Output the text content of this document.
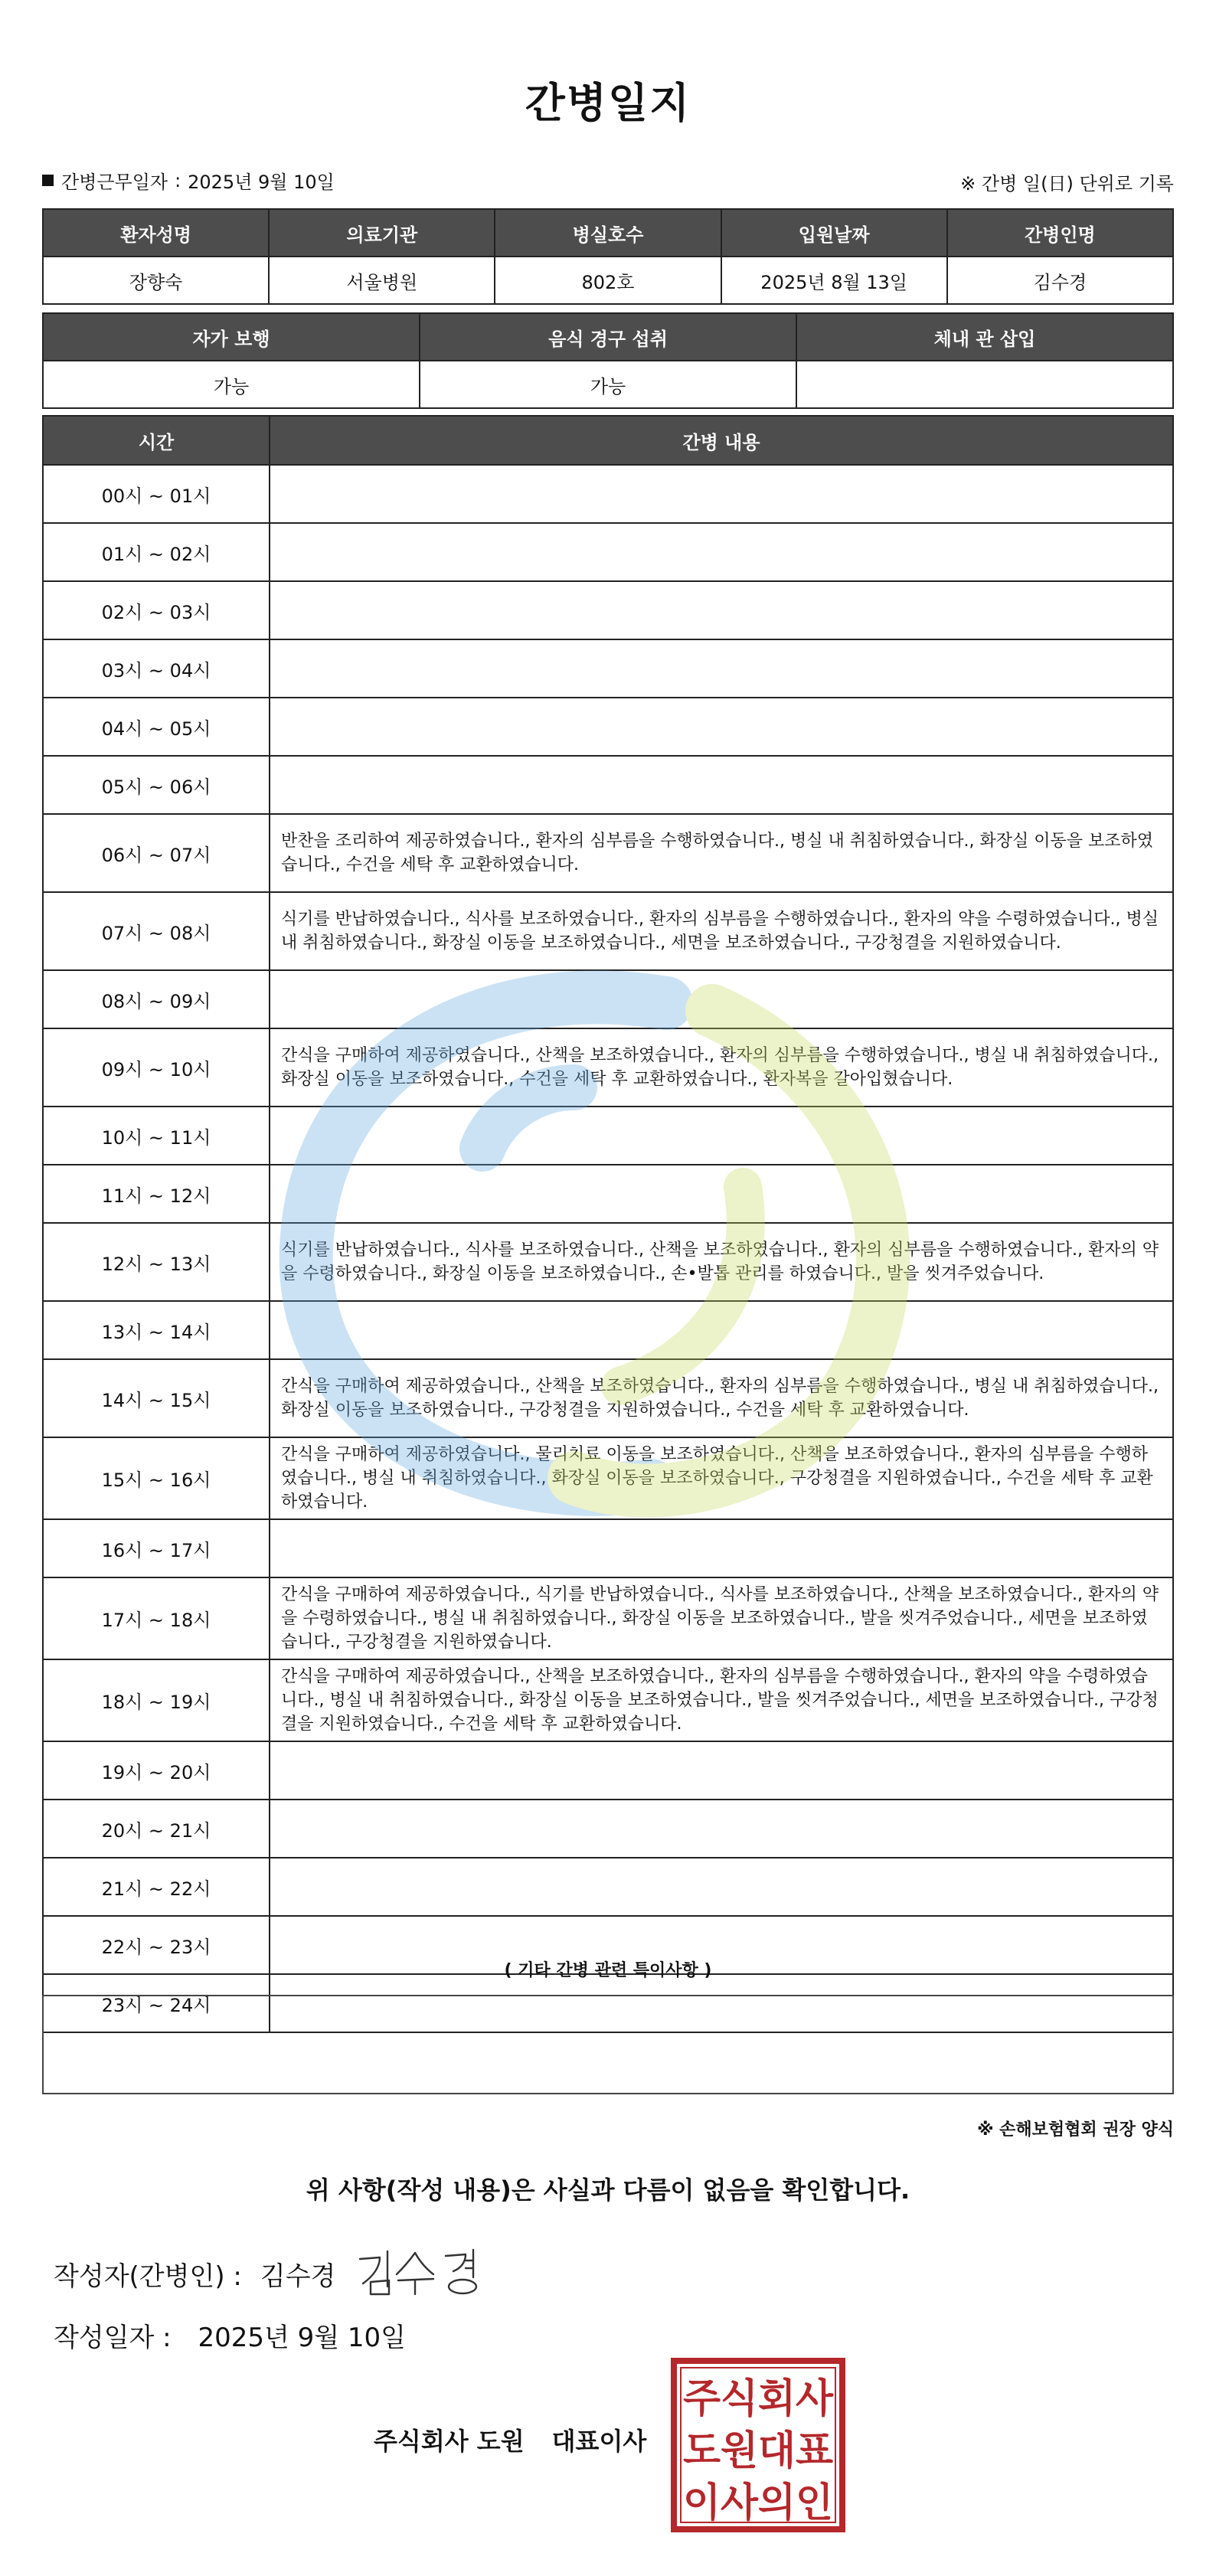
간병일지
간병근무일자 : 2025년 9월 10일	※ 간병 일(日) 단위로 기록
환자성명	의료기관	병실호수	입원날짜	간병인명
장향숙	서울병원	802호	2025년 8월 13일	김수경
자가 보행	음식 경구 섭취	체내 관 삽입
가능	가능	
시간	간병 내용
00시 ~ 01시	
01시 ~ 02시	
02시 ~ 03시	
03시 ~ 04시	
04시 ~ 05시	
05시 ~ 06시	
06시 ~ 07시	반찬을 조리하여 제공하였습니다., 환자의 심부름을 수행하였습니다., 병실 내 취침하였습니다., 화장실 이동을 보조하였습니다., 수건을 세탁 후 교환하였습니다.
07시 ~ 08시	식기를 반납하였습니다., 식사를 보조하였습니다., 환자의 심부름을 수행하였습니다., 환자의 약을 수령하였습니다., 병실 내 취침하였습니다., 화장실 이동을 보조하였습니다., 세면을 보조하였습니다., 구강청결을 지원하였습니다.
08시 ~ 09시	
09시 ~ 10시	간식을 구매하여 제공하였습니다., 산책을 보조하였습니다., 환자의 심부름을 수행하였습니다., 병실 내 취침하였습니다., 화장실 이동을 보조하였습니다., 수건을 세탁 후 교환하였습니다., 환자복을 갈아입혔습니다.
10시 ~ 11시	
11시 ~ 12시	
12시 ~ 13시	식기를 반납하였습니다., 식사를 보조하였습니다., 산책을 보조하였습니다., 환자의 심부름을 수행하였습니다., 환자의 약을 수령하였습니다., 화장실 이동을 보조하였습니다., 손•발톱 관리를 하였습니다., 발을 씻겨주었습니다.
13시 ~ 14시	
14시 ~ 15시	간식을 구매하여 제공하였습니다., 산책을 보조하였습니다., 환자의 심부름을 수행하였습니다., 병실 내 취침하였습니다., 화장실 이동을 보조하였습니다., 구강청결을 지원하였습니다., 수건을 세탁 후 교환하였습니다.
15시 ~ 16시	간식을 구매하여 제공하였습니다., 물리치료 이동을 보조하였습니다., 산책을 보조하였습니다., 환자의 심부름을 수행하였습니다., 병실 내 취침하였습니다., 화장실 이동을 보조하였습니다., 구강청결을 지원하였습니다., 수건을 세탁 후 교환하였습니다.
16시 ~ 17시	
17시 ~ 18시	간식을 구매하여 제공하였습니다., 식기를 반납하였습니다., 식사를 보조하였습니다., 산책을 보조하였습니다., 환자의 약을 수령하였습니다., 병실 내 취침하였습니다., 화장실 이동을 보조하였습니다., 발을 씻겨주었습니다., 세면을 보조하였습니다., 구강청결을 지원하였습니다.
18시 ~ 19시	간식을 구매하여 제공하였습니다., 산책을 보조하였습니다., 환자의 심부름을 수행하였습니다., 환자의 약을 수령하였습니다., 병실 내 취침하였습니다., 화장실 이동을 보조하였습니다., 발을 씻겨주었습니다., 세면을 보조하였습니다., 구강청결을 지원하였습니다., 수건을 세탁 후 교환하였습니다.
19시 ~ 20시	
20시 ~ 21시	
21시 ~ 22시	
22시 ~ 23시	
23시 ~ 24시	
( 기타 간병 관련 특이사항 )
※ 손해보험협회 권장 양식
위 사항(작성 내용)은 사실과 다름이 없음을 확인합니다.
작성자(간병인) : 김수경
작성일자 : 2025년 9월 10일
주식회사 도원 대표이사
주식회사
도원대표
이사의인
